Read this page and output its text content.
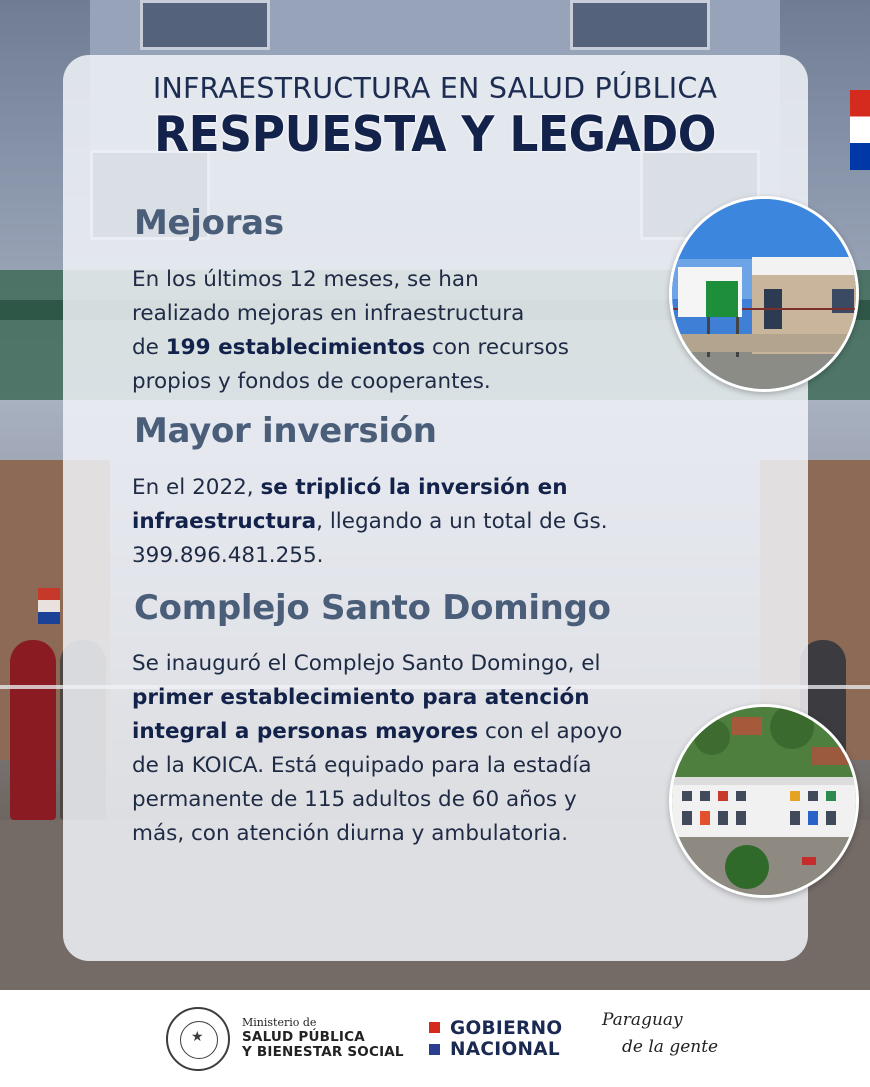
INFRAESTRUCTURA EN SALUD PÚBLICA
RESPUESTA Y LEGADO
Mejoras
En los últimos 12 meses, se han
realizado mejoras en infraestructura
de 199 establecimientos con recursos
propios y fondos de cooperantes.
Mayor inversión
En el 2022, se triplicó la inversión en
infraestructura, llegando a un total de Gs.
399.896.481.255.
Complejo Santo Domingo
Se inauguró el Complejo Santo Domingo, el
primer establecimiento para atención
integral a personas mayores con el apoyo
de la KOICA. Está equipado para la estadía
permanente de 115 adultos de 60 años y
más, con atención diurna y ambulatoria.
★
Ministerio de
SALUD PÚBLICA
Y BIENESTAR SOCIAL
GOBIERNO
NACIONAL
Paraguay
de la gente
